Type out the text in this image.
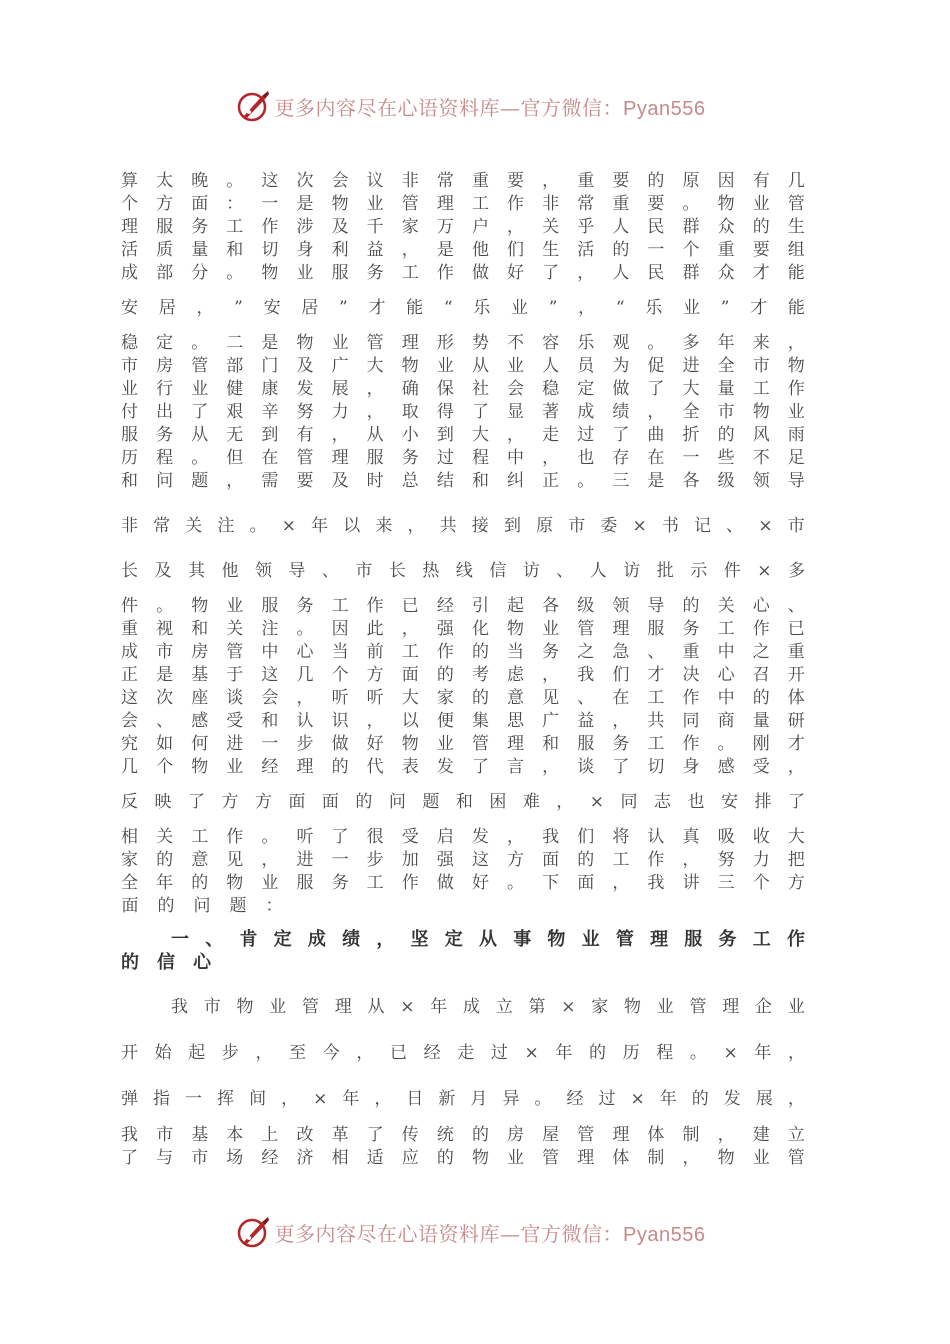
更多内容尽在心语资料库—官方微信：Pyan556
算 太 晚 。 这 次 会 议 非 常 重 要 ， 重 要 的 原 因 有 几
个 方 面 ： 一 是 物 业 管 理 工 作 非 常 重 要 。 物 业 管
理 服 务 工 作 涉 及 千 家 万 户 ， 关 乎 人 民 群 众 的 生
活 质 量 和 切 身 利 益 ， 是 他 们 生 活 的 一 个 重 要 组
成 部 分 。 物 业 服 务 工 作 做 好 了 ， 人 民 群 众 才 能
安 居 ， ” 安 居 ” 才 能 “ 乐 业 ” ， “ 乐 业 ” 才 能
稳 定 。 二 是 物 业 管 理 形 势 不 容 乐 观 。 多 年 来 ，
市 房 管 部 门 及 广 大 物 业 从 业 人 员 为 促 进 全 市 物
业 行 业 健 康 发 展 ， 确 保 社 会 稳 定 做 了 大 量 工 作
付 出 了 艰 辛 努 力 ， 取 得 了 显 著 成 绩 ， 全 市 物 业
服 务 从 无 到 有 ， 从 小 到 大 ， 走 过 了 曲 折 的 风 雨
历 程 。 但 在 管 理 服 务 过 程 中 ， 也 存 在 一 些 不 足
和 问 题 ， 需 要 及 时 总 结 和 纠 正 。 三 是 各 级 领 导
非 常 关 注 。 × 年 以 来 ， 共 接 到 原 市 委 × 书 记 、 × 市
长 及 其 他 领 导 、 市 长 热 线 信 访 、 人 访 批 示 件 × 多
件 。 物 业 服 务 工 作 已 经 引 起 各 级 领 导 的 关 心 、
重 视 和 关 注 。 因 此 ， 强 化 物 业 管 理 服 务 工 作 已
成 市 房 管 中 心 当 前 工 作 的 当 务 之 急 、 重 中 之 重
正 是 基 于 这 几 个 方 面 的 考 虑 ， 我 们 才 决 心 召 开
这 次 座 谈 会 ， 听 听 大 家 的 意 见 、 在 工 作 中 的 体
会 、 感 受 和 认 识 ， 以 便 集 思 广 益 ， 共 同 商 量 研
究 如 何 进 一 步 做 好 物 业 管 理 和 服 务 工 作 。 刚 才
几 个 物 业 经 理 的 代 表 发 了 言 ， 谈 了 切 身 感 受 ，
反 映 了 方 方 面 面 的 问 题 和 困 难 ， × 同 志 也 安 排 了
相 关 工 作 。 听 了 很 受 启 发 ， 我 们 将 认 真 吸 收 大
家 的 意 见 ， 进 一 步 加 强 这 方 面 的 工 作 ， 努 力 把
全 年 的 物 业 服 务 工 作 做 好 。 下 面 ， 我 讲 三 个 方
面 的 问 题 ：
一 、 肯 定 成 绩 ， 坚 定 从 事 物 业 管 理 服 务 工 作
的 信 心
我 市 物 业 管 理 从 × 年 成 立 第 × 家 物 业 管 理 企 业
开 始 起 步 ， 至 今 ， 已 经 走 过 × 年 的 历 程 。 × 年 ，
弹 指 一 挥 间 ， × 年 ， 日 新 月 异 。 经 过 × 年 的 发 展 ，
我 市 基 本 上 改 革 了 传 统 的 房 屋 管 理 体 制 ， 建 立
了 与 市 场 经 济 相 适 应 的 物 业 管 理 体 制 ， 物 业 管
更多内容尽在心语资料库—官方微信：Pyan556
